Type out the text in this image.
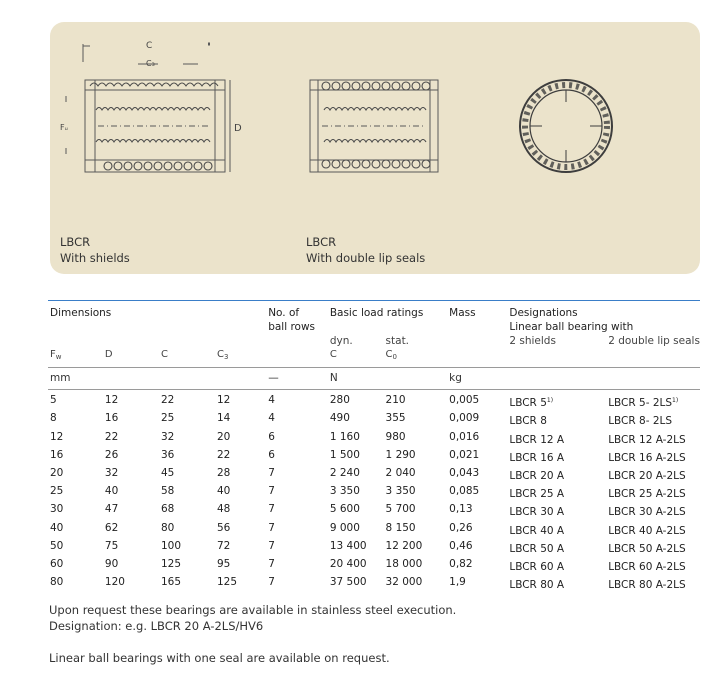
C
C₃
Fᵤ	D
LBCR
With shields
LBCR
With double lip seals
Dimensions				No. of	Basic load ratings		Mass	Designations	
				ball rows				Linear ball bearing with	
					dyn.	stat.		2 shields	2 double lip seals
$F_w$	D	C	$C_3$		C	$C_0$			
mm				—	N		kg		
5	12	22	12	4	280	210	0,005	LBCR 5$^{1)}$	LBCR 5- 2LS$^{1)}$
8	16	25	14	4	490	355	0,009	LBCR 8	LBCR 8- 2LS
12	22	32	20	6	1 160	980	0,016	LBCR 12 A	LBCR 12 A-2LS
16	26	36	22	6	1 500	1 290	0,021	LBCR 16 A	LBCR 16 A-2LS
20	32	45	28	7	2 240	2 040	0,043	LBCR 20 A	LBCR 20 A-2LS
25	40	58	40	7	3 350	3 350	0,085	LBCR 25 A	LBCR 25 A-2LS
30	47	68	48	7	5 600	5 700	0,13	LBCR 30 A	LBCR 30 A-2LS
40	62	80	56	7	9 000	8 150	0,26	LBCR 40 A	LBCR 40 A-2LS
50	75	100	72	7	13 400	12 200	0,46	LBCR 50 A	LBCR 50 A-2LS
60	90	125	95	7	20 400	18 000	0,82	LBCR 60 A	LBCR 60 A-2LS
80	120	165	125	7	37 500	32 000	1,9	LBCR 80 A	LBCR 80 A-2LS
Upon request these bearings are available in stainless steel execution.
Designation: e.g. LBCR 20 A-2LS/HV6
Linear ball bearings with one seal are available on request.
